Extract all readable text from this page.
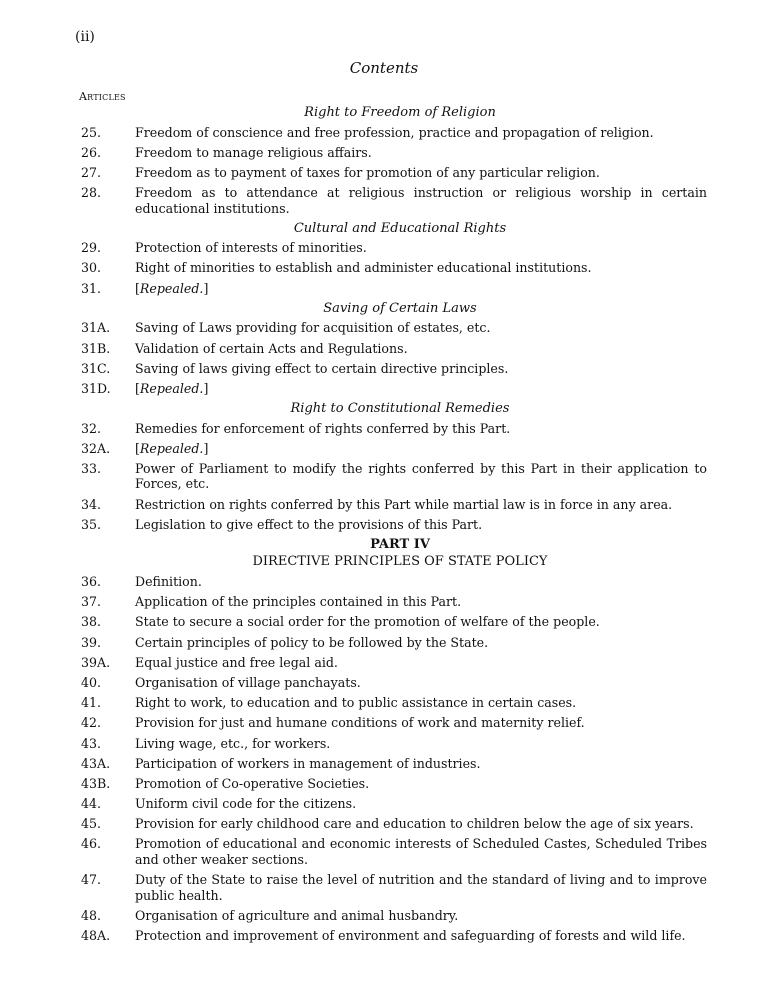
(ii)
Contents
Articles
Right to Freedom of Religion
25.	Freedom of conscience and free profession, practice and propagation of religion.
26.	Freedom to manage religious affairs.
27.	Freedom as to payment of taxes for promotion of any particular religion.
28.	Freedom as to attendance at religious instruction or religious worship in certain educational institutions.
Cultural and Educational Rights
29.	Protection of interests of minorities.
30.	Right of minorities to establish and administer educational institutions.
31.	[Repealed.]
Saving of Certain Laws
31A.	Saving of Laws providing for acquisition of estates, etc.
31B.	Validation of certain Acts and Regulations.
31C.	Saving of laws giving effect to certain directive principles.
31D.	[Repealed.]
Right to Constitutional Remedies
32.	Remedies for enforcement of rights conferred by this Part.
32A.	[Repealed.]
33.	Power of Parliament to modify the rights conferred by this Part in their application to Forces, etc.
34.	Restriction on rights conferred by this Part while martial law is in force in any area.
35.	Legislation to give effect to the provisions of this Part.
PART IV
DIRECTIVE PRINCIPLES OF STATE POLICY
36.	Definition.
37.	Application of the principles contained in this Part.
38.	State to secure a social order for the promotion of welfare of the people.
39.	Certain principles of policy to be followed by the State.
39A.	Equal justice and free legal aid.
40.	Organisation of village panchayats.
41.	Right to work, to education and to public assistance in certain cases.
42.	Provision for just and humane conditions of work and maternity relief.
43.	Living wage, etc., for workers.
43A.	Participation of workers in management of industries.
43B.	Promotion of Co-operative Societies.
44.	Uniform civil code for the citizens.
45.	Provision for early childhood care and education to children below the age of six years.
46.	Promotion of educational and economic interests of Scheduled Castes, Scheduled Tribes and other weaker sections.
47.	Duty of the State to raise the level of nutrition and the standard of living and to improve public health.
48.	Organisation of agriculture and animal husbandry.
48A.	Protection and improvement of environment and safeguarding of forests and wild life.
